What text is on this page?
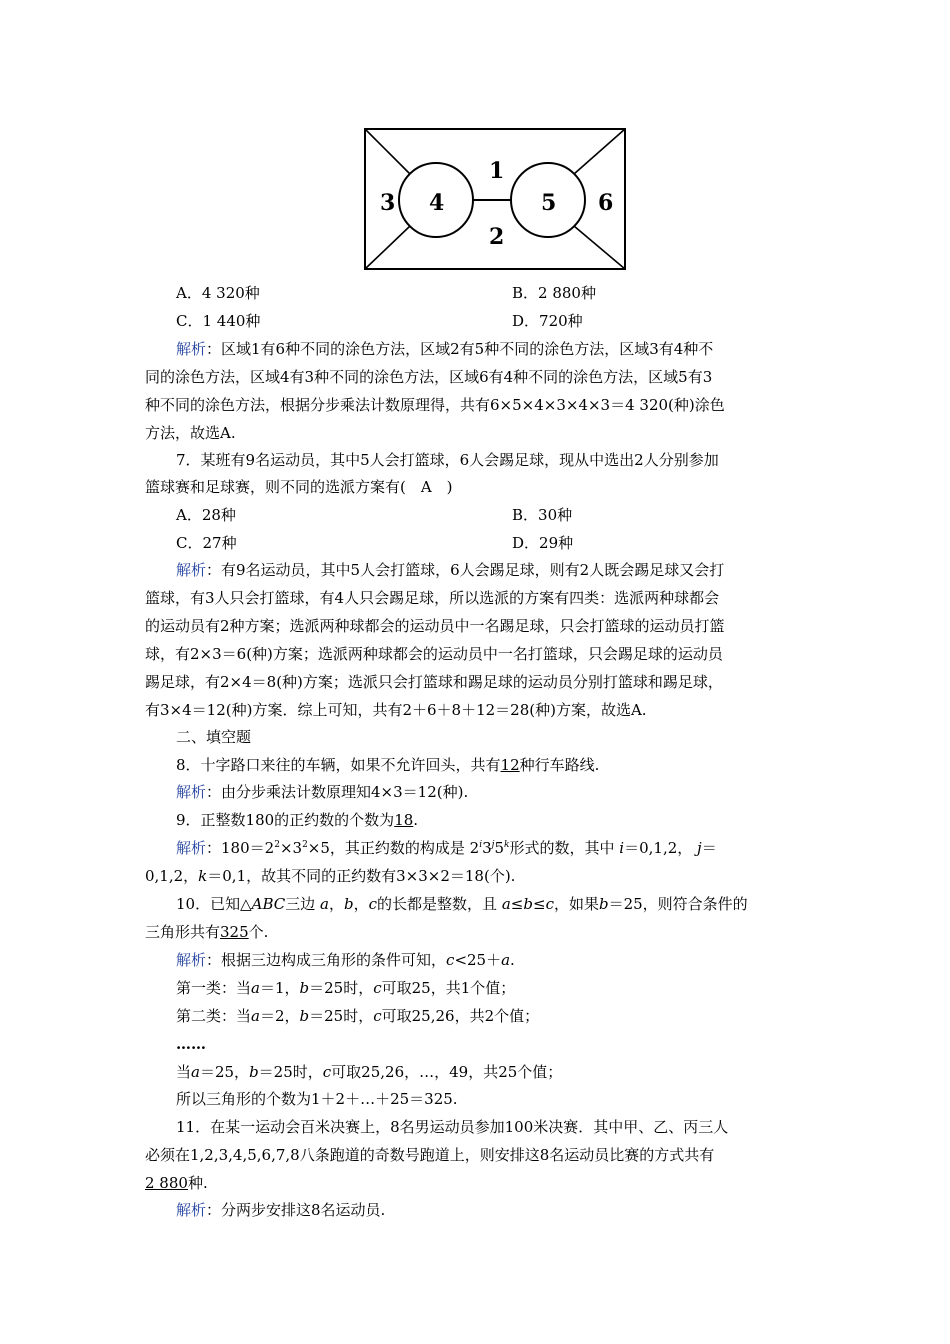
1
2
3 4	5 6
A．4 320种	B．2 880种
C．1 440种	D．720种
解析：区域1有6种不同的涂色方法，区域2有5种不同的涂色方法，区域3有4种不
同的涂色方法，区域4有3种不同的涂色方法，区域6有4种不同的涂色方法，区域5有3
种不同的涂色方法，根据分步乘法计数原理得，共有6×5×4×3×4×3＝4 320(种)涂色
方法，故选A.
7．某班有9名运动员，其中5人会打篮球，6人会踢足球，现从中选出2人分别参加
篮球赛和足球赛，则不同的选派方案有(　A　)
A．28种	B．30种
C．27种	D．29种
解析：有9名运动员，其中5人会打篮球，6人会踢足球，则有2人既会踢足球又会打
篮球，有3人只会打篮球，有4人只会踢足球，所以选派的方案有四类：选派两种球都会
的运动员有2种方案；选派两种球都会的运动员中一名踢足球，只会打篮球的运动员打篮
球，有2×3＝6(种)方案；选派两种球都会的运动员中一名打篮球，只会踢足球的运动员
踢足球，有2×4＝8(种)方案；选派只会打篮球和踢足球的运动员分别打篮球和踢足球，
有3×4＝12(种)方案．综上可知，共有2＋6＋8＋12＝28(种)方案，故选A.
二、填空题
8．十字路口来往的车辆，如果不允许回头，共有12种行车路线.
解析：由分步乘法计数原理知4×3＝12(种).
9．正整数180的正约数的个数为18.
解析：$180=2^2\times 3^2\times 5$，其正约数的构成是 2$^i$3$^j$5$^k$形式的数，其中 i＝0,1,2， j＝
0,1,2，k＝0,1，故其不同的正约数有3×3×2＝18(个).
10．已知△ABC三边 a，b，c的长都是整数，且 a≤b≤c，如果b＝25，则符合条件的
三角形共有325个.
解析：根据三边构成三角形的条件可知，c<25＋a.
第一类：当a＝1，b＝25时，c可取25，共1个值；
第二类：当a＝2，b＝25时，c可取25,26，共2个值；
……
当a＝25，b＝25时，c可取25,26，…，49，共25个值；
所以三角形的个数为1＋2＋…＋25＝325.
11．在某一运动会百米决赛上，8名男运动员参加100米决赛．其中甲、乙、丙三人
必须在1,2,3,4,5,6,7,8八条跑道的奇数号跑道上，则安排这8名运动员比赛的方式共有
2 880种.
解析：分两步安排这8名运动员.
